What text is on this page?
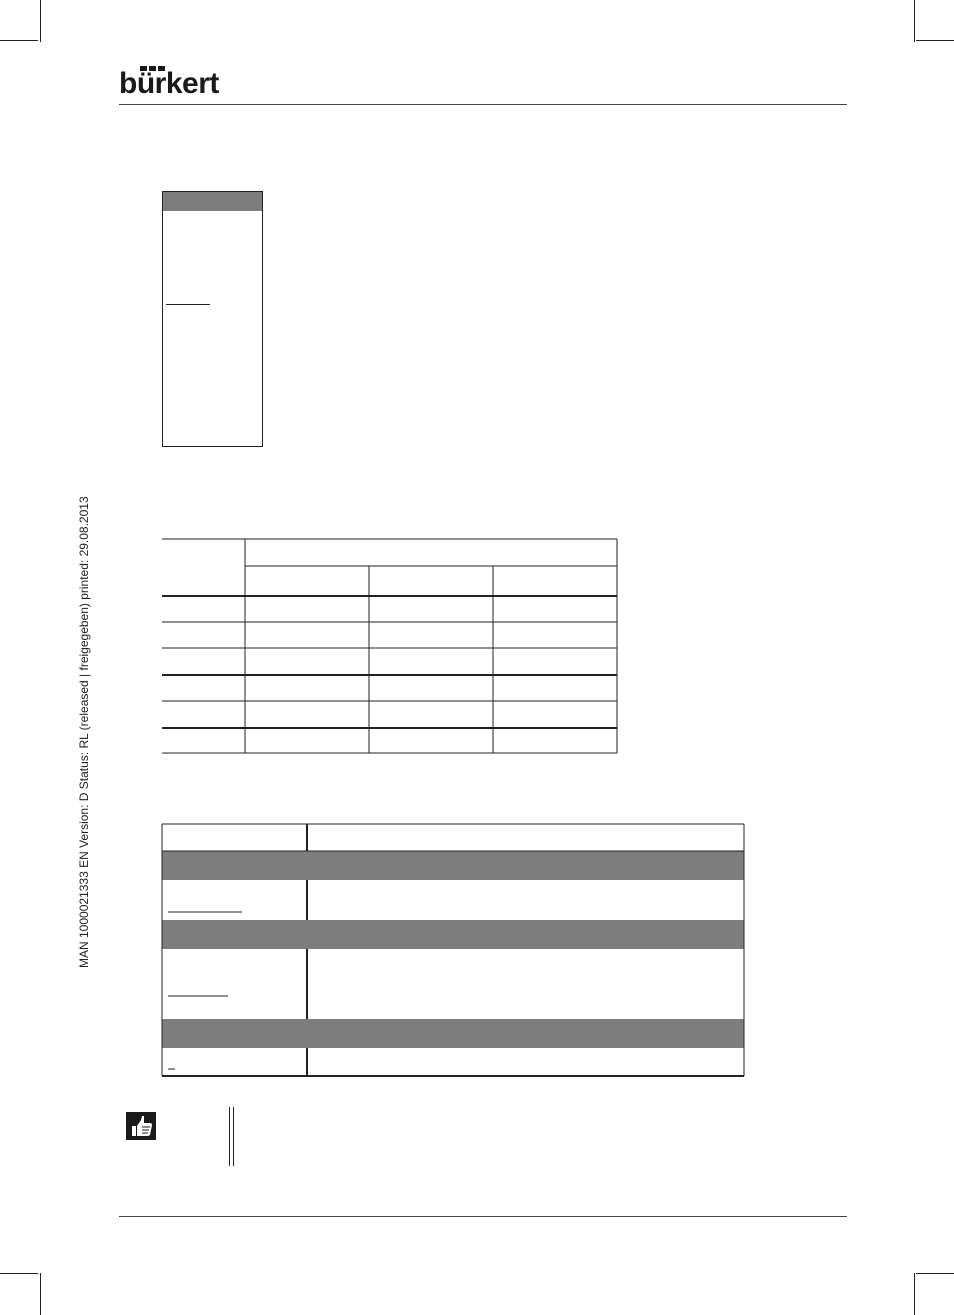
bürkert
MAN 1000021333 EN Version: D Status: RL (released | freigegeben) printed: 29.08.2013
